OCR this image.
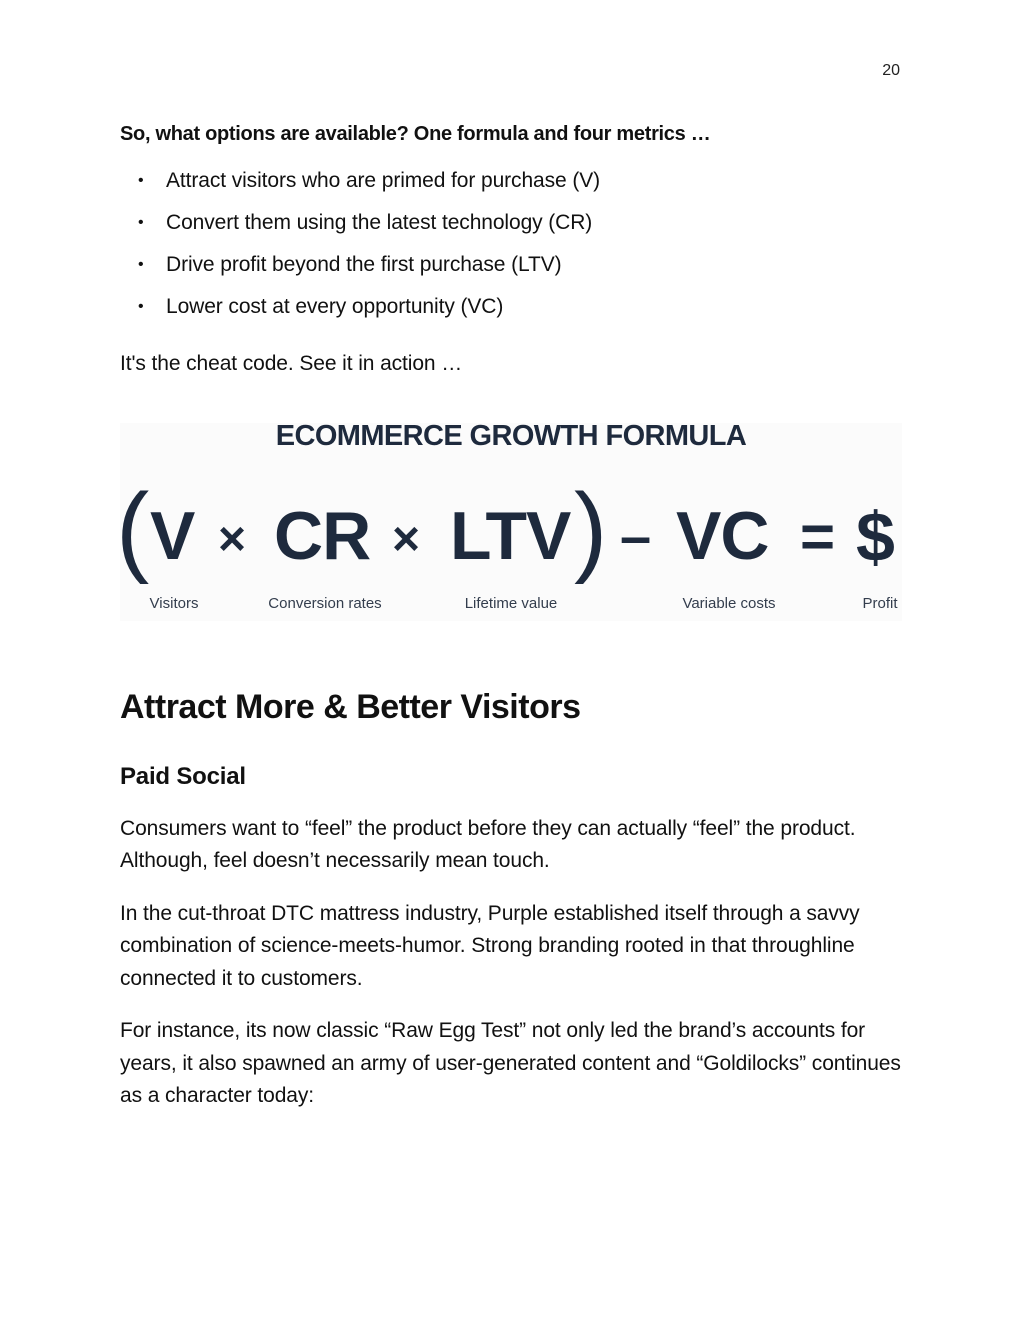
20

So, what options are available? One formula and four metrics …

• Attract visitors who are primed for purchase (V)
• Convert them using the latest technology (CR)
• Drive profit beyond the first purchase (LTV)
• Lower cost at every opportunity (VC)

It's the cheat code. See it in action …

ECOMMERCE GROWTH FORMULA
( V × CR × LTV ) – VC = $
Visitors	Conversion rates	Lifetime value	Variable costs	Profit
Attract More & Better Visitors
Paid Social

Consumers want to “feel” the product before they can actually “feel” the product. Although, feel doesn’t necessarily mean touch.

In the cut-throat DTC mattress industry, Purple established itself through a savvy combination of science-meets-humor. Strong branding rooted in that throughline connected it to customers.

For instance, its now classic “Raw Egg Test” not only led the brand’s accounts for years, it also spawned an army of user-generated content and “Goldilocks” continues as a character today:
